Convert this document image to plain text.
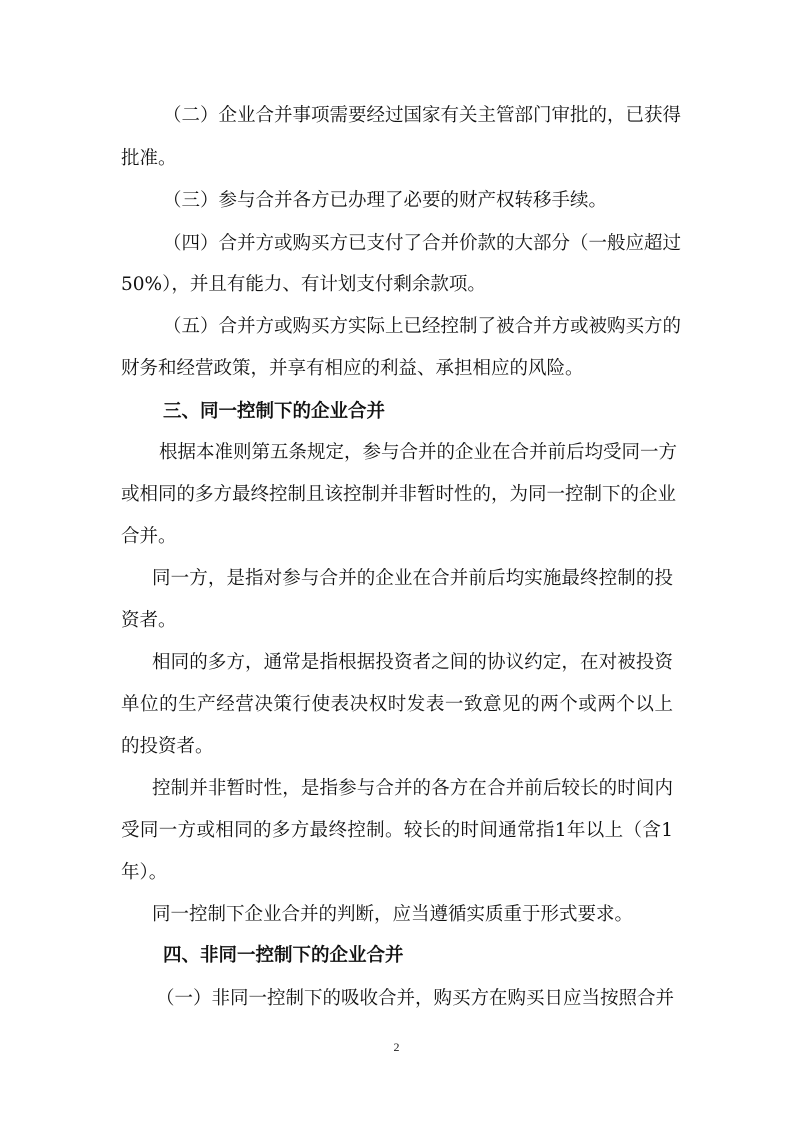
（二）企业合并事项需要经过国家有关主管部门审批的，已获得
批准。
（三）参与合并各方已办理了必要的财产权转移手续。
（四）合并方或购买方已支付了合并价款的大部分（一般应超过
50%），并且有能力、有计划支付剩余款项。
（五）合并方或购买方实际上已经控制了被合并方或被购买方的
财务和经营政策，并享有相应的利益、承担相应的风险。
三、同一控制下的企业合并
根据本准则第五条规定，参与合并的企业在合并前后均受同一方
或相同的多方最终控制且该控制并非暂时性的，为同一控制下的企业
合并。
同一方，是指对参与合并的企业在合并前后均实施最终控制的投
资者。
相同的多方，通常是指根据投资者之间的协议约定，在对被投资
单位的生产经营决策行使表决权时发表一致意见的两个或两个以上
的投资者。
控制并非暂时性，是指参与合并的各方在合并前后较长的时间内
受同一方或相同的多方最终控制。较长的时间通常指1年以上（含1
年）。
同一控制下企业合并的判断，应当遵循实质重于形式要求。
四、非同一控制下的企业合并
（一）非同一控制下的吸收合并，购买方在购买日应当按照合并
2
